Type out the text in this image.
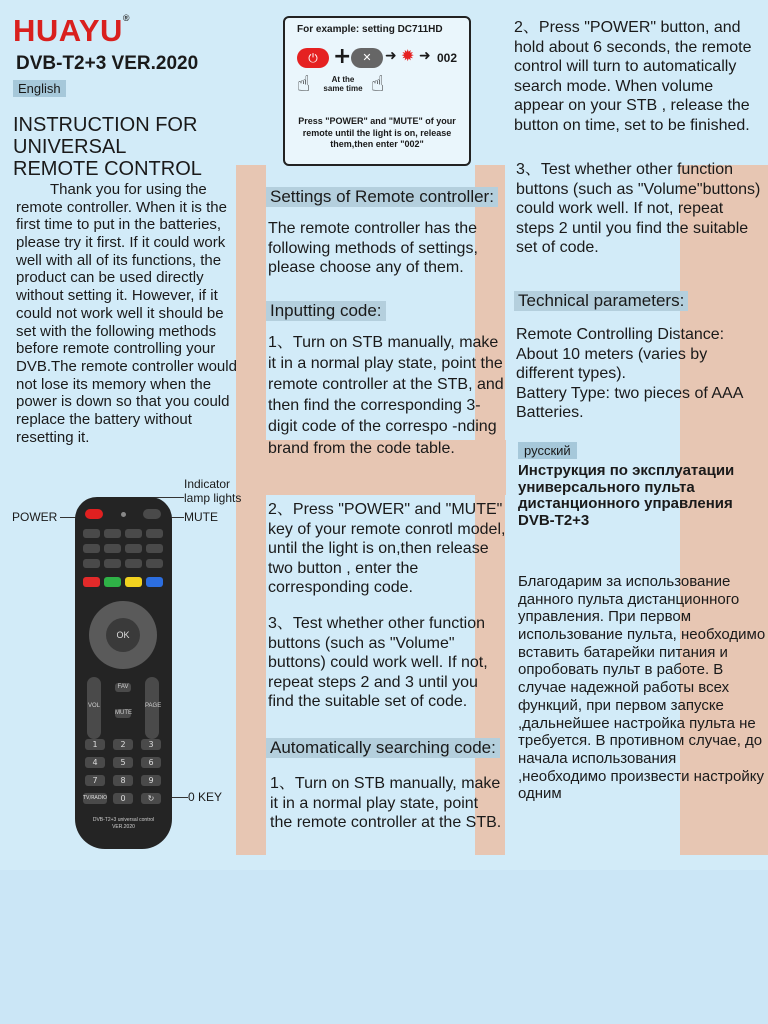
HUAYU®
DVB-T2+3 VER.2020
English
INSTRUCTION FOR
UNIVERSAL
REMOTE CONTROL
Thank you for using the remote controller. When it is the first time to put in the batteries, please try it first. If it could work well with all of its functions, the product can be used directly without setting it. However, if it could not work well it should be set with the following methods before remote controlling your DVB.The remote controller would not lose its memory when the power is down so that you could replace the battery without resetting it.
For example: setting DC711HD
⏻ + ✕ ➜ ✹ ➜ 002
☝	☝
At the
same time
Press "POWER" and "MUTE" of your remote until the light is on, release them,then enter "002"
Settings of Remote controller:
The remote controller has the following methods of settings, please choose any of them.
Inputting code:
1、Turn on STB manually, make it in a normal play state, point the remote controller at the STB, and then find the corresponding 3-digit code of the correspo -nding brand from the code table.
2、Press "POWER" and "MUTE" key of your remote conrotl model, until the light is on,then release two button , enter the corresponding code.
3、Test whether other function buttons (such as "Volume" buttons) could work well. If not, repeat steps 2 and 3 until you find the suitable set of code.
Automatically searching code:
1、Turn on STB manually, make it in a normal play state, point the remote controller at the STB.
2、Press "POWER" button, and hold about 6 seconds, the remote control will turn to automatically search mode. When volume appear on your STB , release the button on time, set to be finished.
3、Test whether other function buttons (such as "Volume"buttons) could work well. If not, repeat steps 2 until you find the suitable set of code.
Technical parameters:
Remote Controlling Distance: About 10 meters (varies by different types).
Battery Type: two pieces of AAA Batteries.
русский
Инструкция по эксплуатации универсального пульта дистанционного управления DVB-T2+3
Благодарим за использование данного пульта дистанционного управления. При первом использование пульта, необходимо вставить батарейки питания и опробовать пульт в работе. В случае надежной работы всех функций, при первом запуске ,дальнейшее настройка пульта не требуется. В противном случае, до начала использования ,необходимо произвести настройку одним
POWER
Indicator
lamp lights
MUTE
0 KEY
OK
VOL
FAV
MUTE
PAGE
1	2	3
4	5	6
7	8	9
TV/RADIO	0	↻
DVB-T2+3 universal control
VER.2020
